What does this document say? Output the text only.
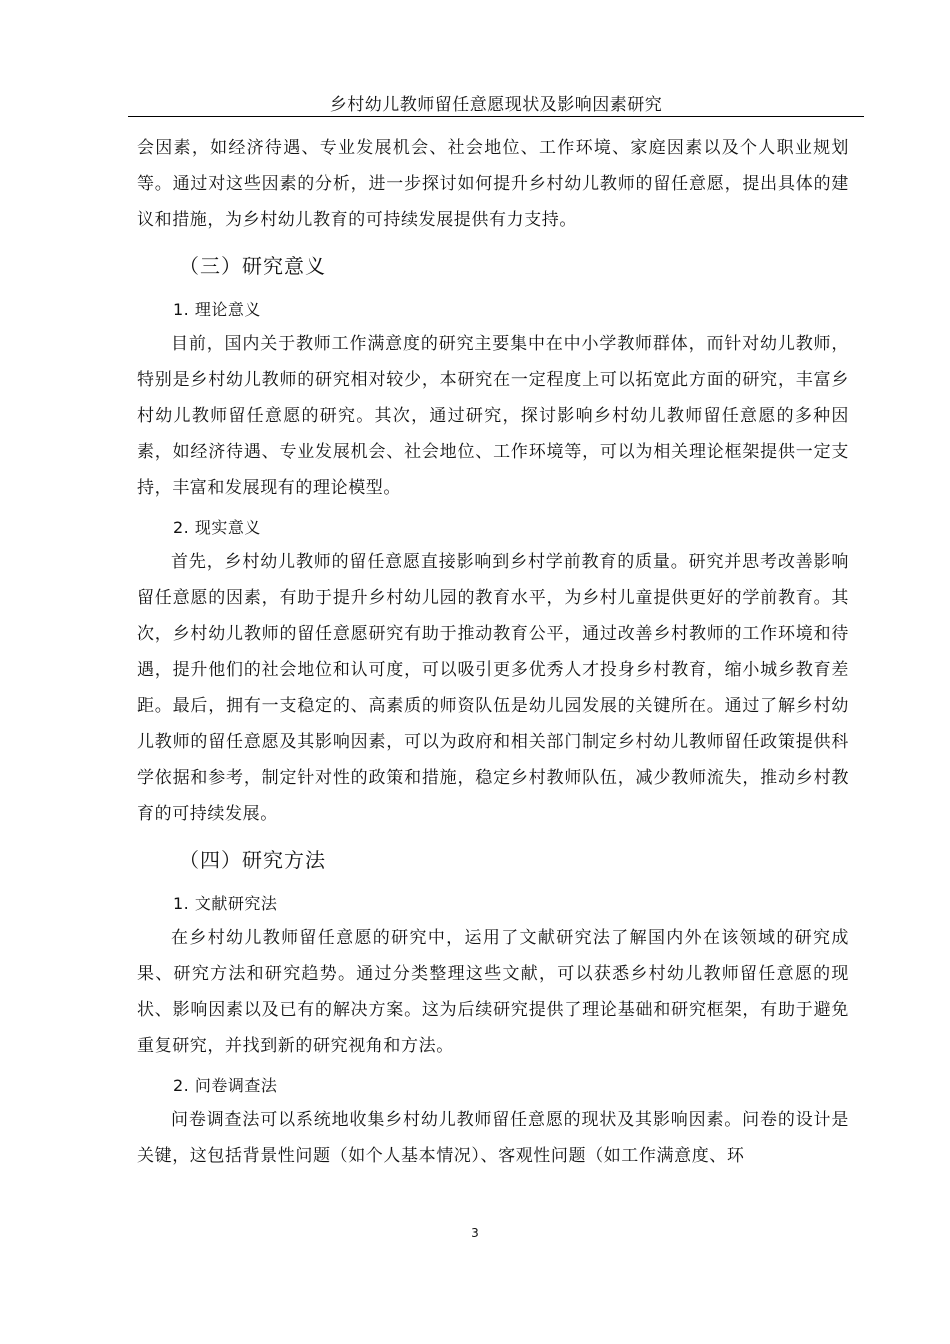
乡村幼儿教师留任意愿现状及影响因素研究

会因素，如经济待遇、专业发展机会、社会地位、工作环境、家庭因素以及个人职业规划等。通过对这些因素的分析，进一步探讨如何提升乡村幼儿教师的留任意愿，提出具体的建议和措施，为乡村幼儿教育的可持续发展提供有力支持。

（三）研究意义
1. 理论意义

目前，国内关于教师工作满意度的研究主要集中在中小学教师群体，而针对幼儿教师，特别是乡村幼儿教师的研究相对较少，本研究在一定程度上可以拓宽此方面的研究，丰富乡村幼儿教师留任意愿的研究。其次，通过研究，探讨影响乡村幼儿教师留任意愿的多种因素，如经济待遇、专业发展机会、社会地位、工作环境等，可以为相关理论框架提供一定支持，丰富和发展现有的理论模型。

2. 现实意义

首先，乡村幼儿教师的留任意愿直接影响到乡村学前教育的质量。研究并思考改善影响留任意愿的因素，有助于提升乡村幼儿园的教育水平，为乡村儿童提供更好的学前教育。其次，乡村幼儿教师的留任意愿研究有助于推动教育公平，通过改善乡村教师的工作环境和待遇，提升他们的社会地位和认可度，可以吸引更多优秀人才投身乡村教育，缩小城乡教育差距。最后，拥有一支稳定的、高素质的师资队伍是幼儿园发展的关键所在。通过了解乡村幼儿教师的留任意愿及其影响因素，可以为政府和相关部门制定乡村幼儿教师留任政策提供科学依据和参考，制定针对性的政策和措施，稳定乡村教师队伍，减少教师流失，推动乡村教育的可持续发展。

（四）研究方法
1. 文献研究法

在乡村幼儿教师留任意愿的研究中，运用了文献研究法了解国内外在该领域的研究成果、研究方法和研究趋势。通过分类整理这些文献，可以获悉乡村幼儿教师留任意愿的现状、影响因素以及已有的解决方案。这为后续研究提供了理论基础和研究框架，有助于避免重复研究，并找到新的研究视角和方法。

2. 问卷调查法

问卷调查法可以系统地收集乡村幼儿教师留任意愿的现状及其影响因素。问卷的设计是关键，这包括背景性问题（如个人基本情况）、客观性问题（如工作满意度、环

3
